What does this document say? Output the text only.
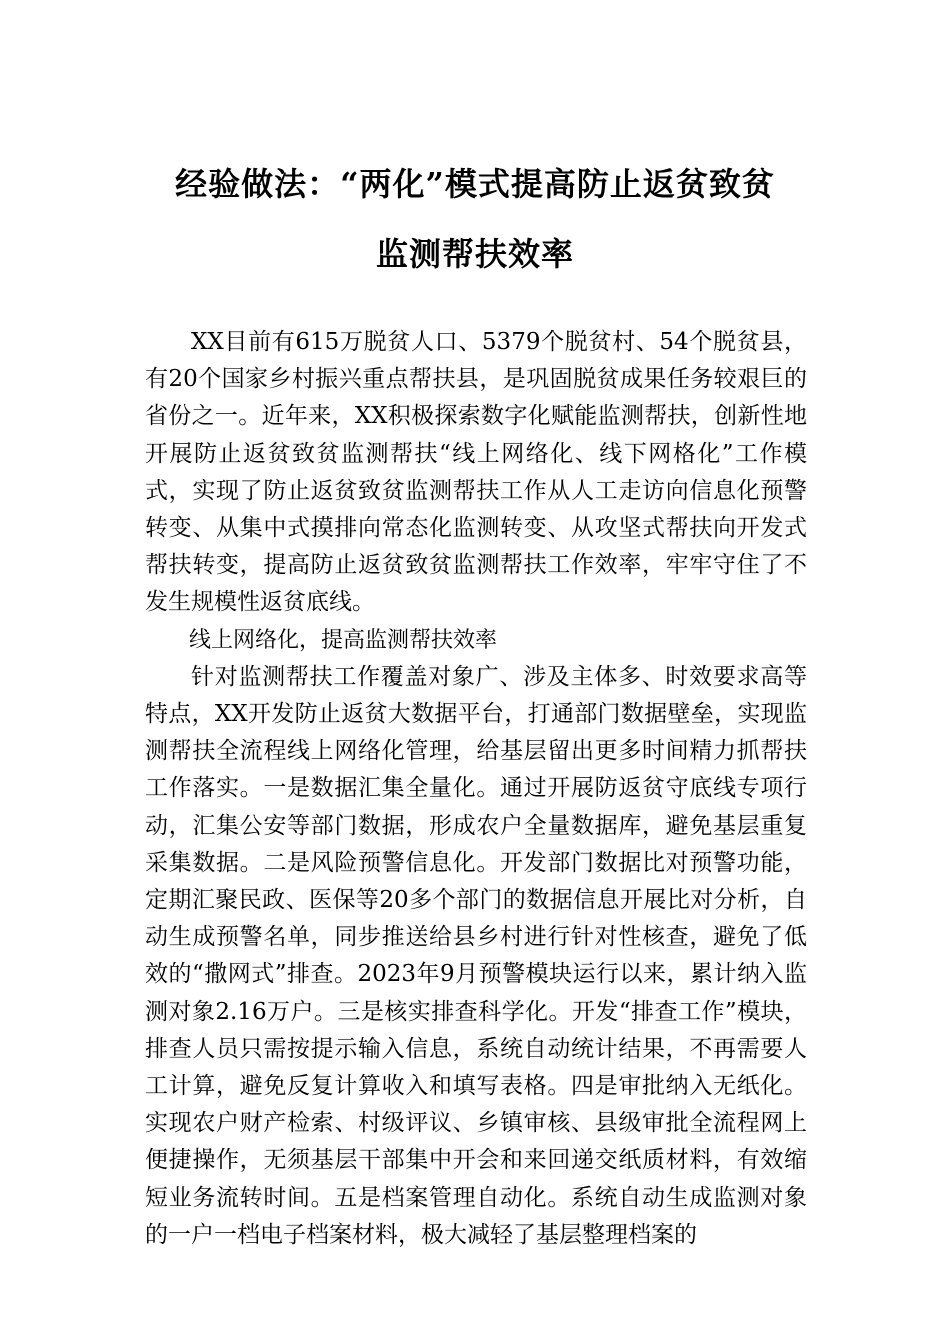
经验做法：“两化”模式提高防止返贫致贫
监测帮扶效率

XX目前有615万脱贫人口、5379个脱贫村、54个脱贫县，有20个国家乡村振兴重点帮扶县，是巩固脱贫成果任务较艰巨的省份之一。近年来，XX积极探索数字化赋能监测帮扶，创新性地开展防止返贫致贫监测帮扶“线上网络化、线下网格化”工作模式，实现了防止返贫致贫监测帮扶工作从人工走访向信息化预警转变、从集中式摸排向常态化监测转变、从攻坚式帮扶向开发式帮扶转变，提高防止返贫致贫监测帮扶工作效率，牢牢守住了不发生规模性返贫底线。

线上网络化，提高监测帮扶效率

针对监测帮扶工作覆盖对象广、涉及主体多、时效要求高等特点，XX开发防止返贫大数据平台，打通部门数据壁垒，实现监测帮扶全流程线上网络化管理，给基层留出更多时间精力抓帮扶工作落实。一是数据汇集全量化。通过开展防返贫守底线专项行动，汇集公安等部门数据，形成农户全量数据库，避免基层重复采集数据。二是风险预警信息化。开发部门数据比对预警功能，定期汇聚民政、医保等20多个部门的数据信息开展比对分析，自动生成预警名单，同步推送给县乡村进行针对性核查，避免了低效的“撒网式”排查。2023年9月预警模块运行以来，累计纳入监测对象2.16万户。三是核实排查科学化。开发“排查工作”模块，排查人员只需按提示输入信息，系统自动统计结果，不再需要人工计算，避免反复计算收入和填写表格。四是审批纳入无纸化。实现农户财产检索、村级评议、乡镇审核、县级审批全流程网上便捷操作，无须基层干部集中开会和来回递交纸质材料，有效缩短业务流转时间。五是档案管理自动化。系统自动生成监测对象的一户一档电子档案材料，极大减轻了基层整理档案的
